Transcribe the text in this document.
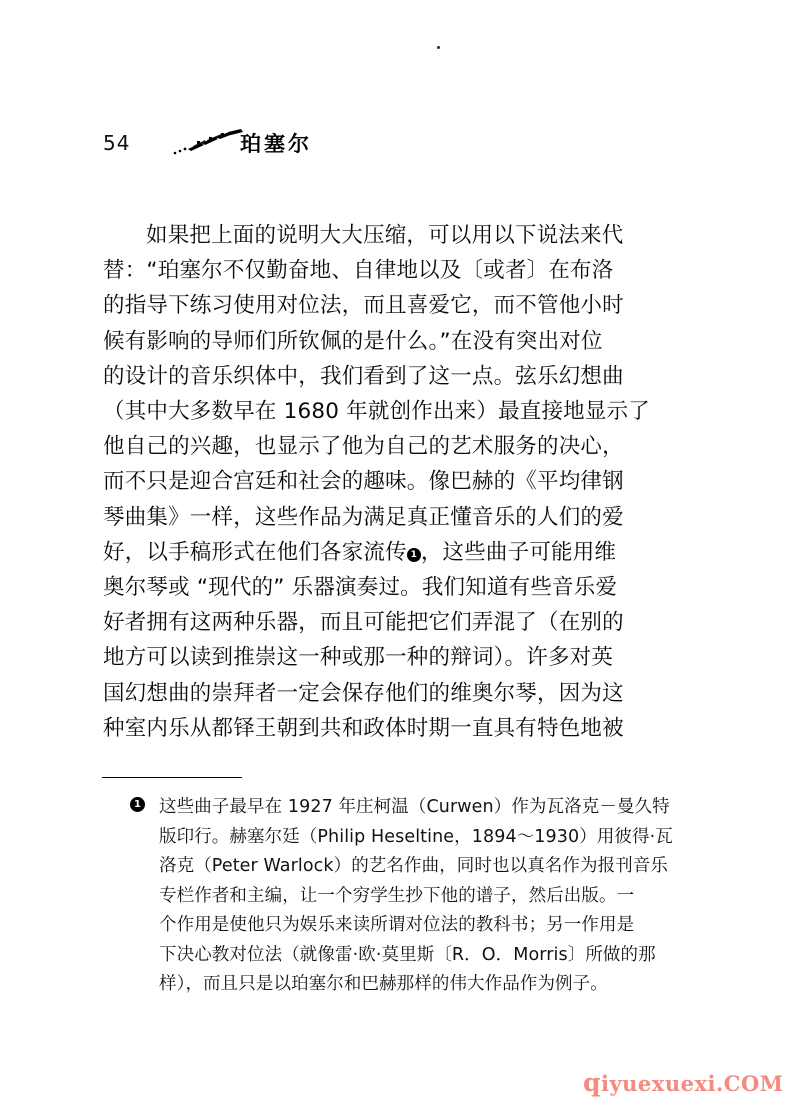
54	珀塞尔
如果把上面的说明大大压缩，可以用以下说法来代
替：“珀塞尔不仅勤奋地、自律地以及〔或者〕在布洛
的指导下练习使用对位法，而且喜爱它，而不管他小时
候有影响的导师们所钦佩的是什么。”在没有突出对位
的设计的音乐织体中，我们看到了这一点。弦乐幻想曲
（其中大多数早在 1680 年就创作出来）最直接地显示了
他自己的兴趣，也显示了他为自己的艺术服务的决心，
而不只是迎合宫廷和社会的趣味。像巴赫的《平均律钢
琴曲集》一样，这些作品为满足真正懂音乐的人们的爱
好，以手稿形式在他们各家流传 1 ，这些曲子可能用维
奥尔琴或 “现代的” 乐器演奏过。我们知道有些音乐爱
好者拥有这两种乐器，而且可能把它们弄混了（在别的
地方可以读到推崇这一种或那一种的辩词）。许多对英
国幻想曲的崇拜者一定会保存他们的维奥尔琴，因为这
种室内乐从都铎王朝到共和政体时期一直具有特色地被
1 这些曲子最早在 1927 年庄柯温（Curwen）作为瓦洛克－曼久特
版印行。赫塞尔廷（Philip Heseltine，1894～1930）用彼得·瓦
洛克（Peter Warlock）的艺名作曲，同时也以真名作为报刊音乐
专栏作者和主编，让一个穷学生抄下他的谱子，然后出版。一
个作用是使他只为娱乐来读所谓对位法的教科书；另一作用是
下决心教对位法（就像雷·欧·莫里斯〔R．O．Morris〕所做的那
样），而且只是以珀塞尔和巴赫那样的伟大作品作为例子。
qiyuexuexi.COM
